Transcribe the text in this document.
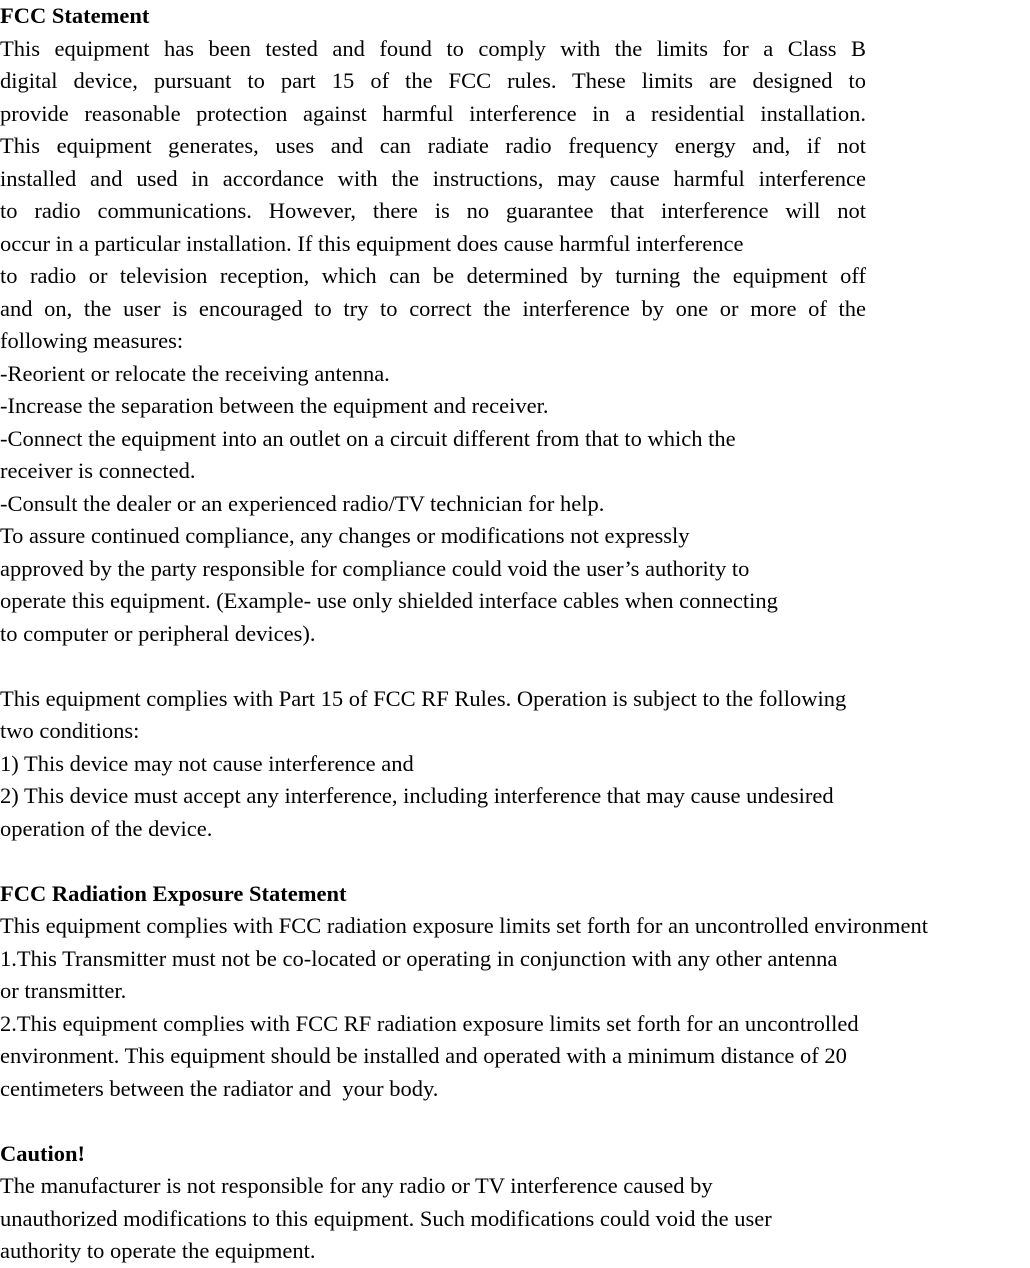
FCC Statement
This equipment has been tested and found to comply with the limits for a Class B
digital device, pursuant to part 15 of the FCC rules. These limits are designed to
provide reasonable protection against harmful interference in a residential installation.
This equipment generates, uses and can radiate radio frequency energy and, if not
installed and used in accordance with the instructions, may cause harmful interference
to radio communications. However, there is no guarantee that interference will not
occur in a particular installation. If this equipment does cause harmful interference
to radio or television reception, which can be determined by turning the equipment off
and on, the user is encouraged to try to correct the interference by one or more of the
following measures:
-Reorient or relocate the receiving antenna.
-Increase the separation between the equipment and receiver.
-Connect the equipment into an outlet on a circuit different from that to which the
receiver is connected.
-Consult the dealer or an experienced radio/TV technician for help.
To assure continued compliance, any changes or modifications not expressly
approved by the party responsible for compliance could void the user’s authority to
operate this equipment. (Example- use only shielded interface cables when connecting
to computer or peripheral devices).
This equipment complies with Part 15 of FCC RF Rules. Operation is subject to the following
two conditions:
1) This device may not cause interference and
2) This device must accept any interference, including interference that may cause undesired
operation of the device.
FCC Radiation Exposure Statement
This equipment complies with FCC radiation exposure limits set forth for an uncontrolled environment
1.This Transmitter must not be co-located or operating in conjunction with any other antenna
or transmitter.
2.This equipment complies with FCC RF radiation exposure limits set forth for an uncontrolled
environment. This equipment should be installed and operated with a minimum distance of 20
centimeters between the radiator and  your body.
Caution!
The manufacturer is not responsible for any radio or TV interference caused by
unauthorized modifications to this equipment. Such modifications could void the user
authority to operate the equipment.
